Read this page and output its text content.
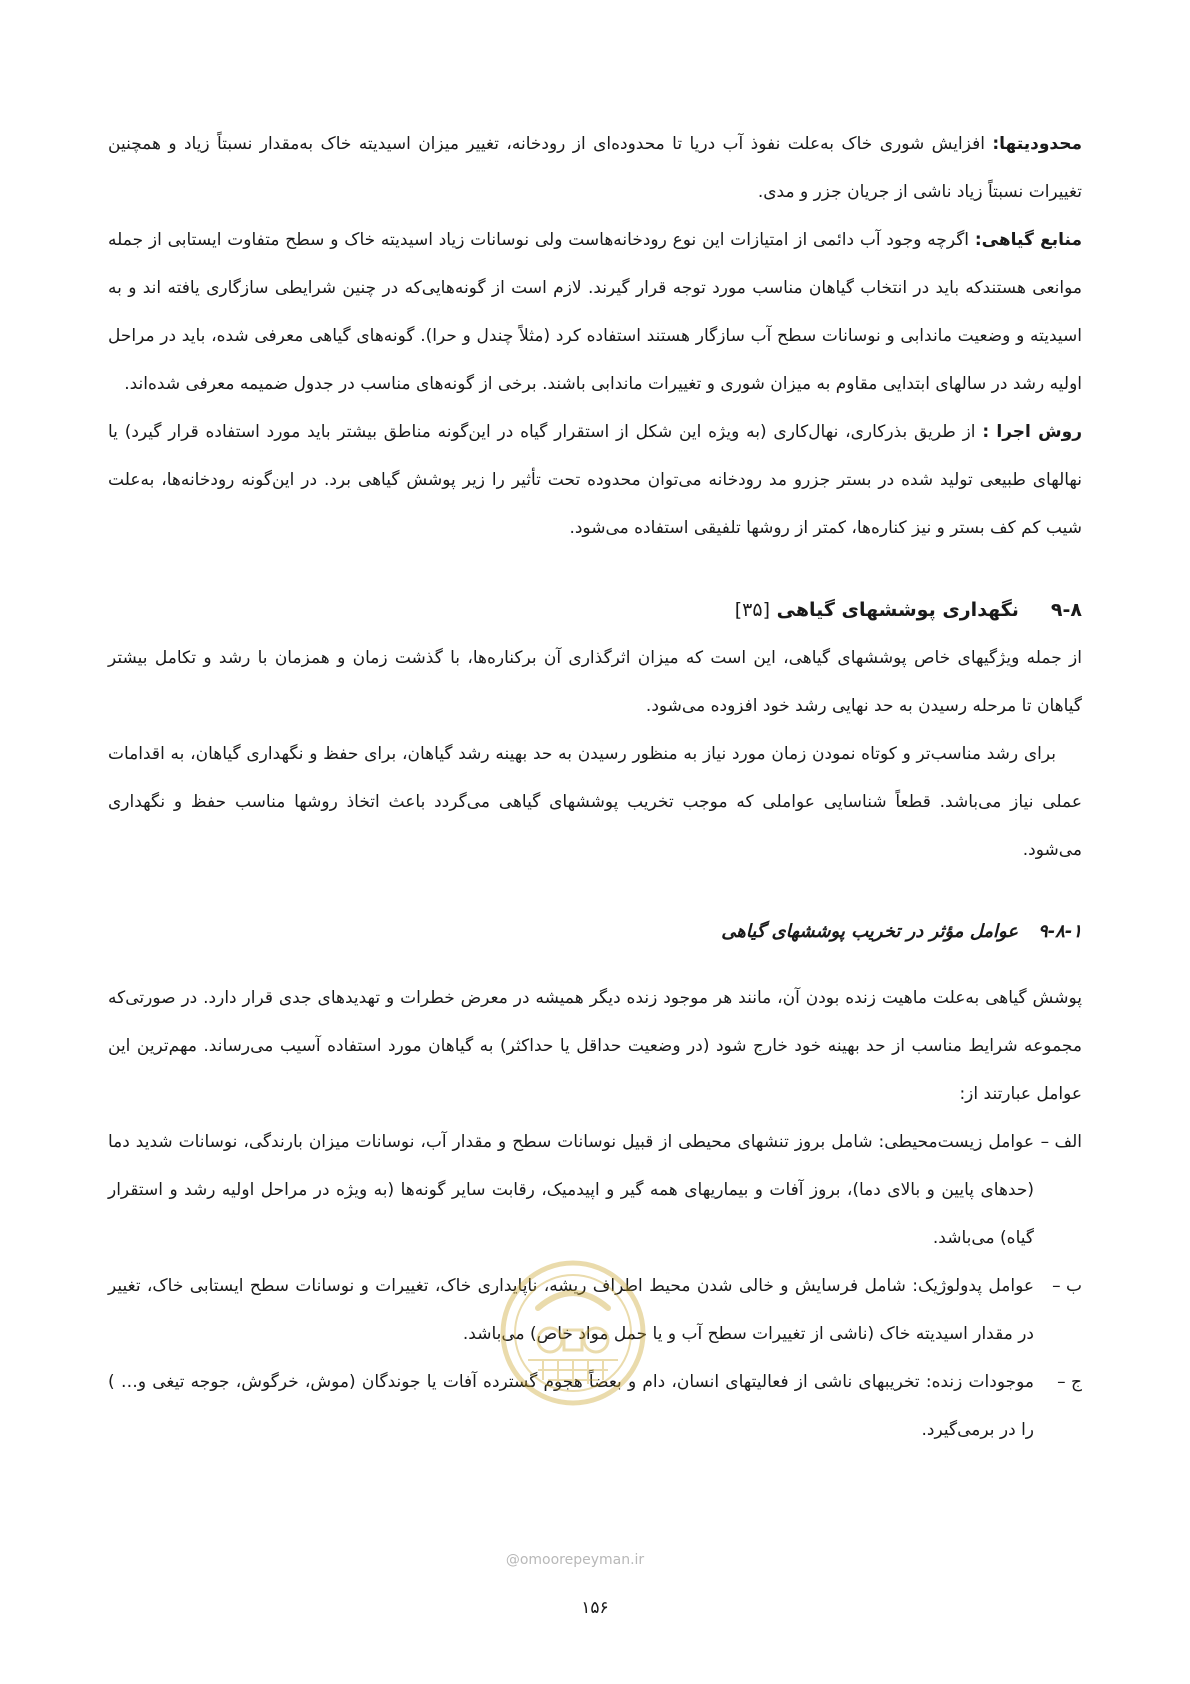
محدودیتها: افزایش شوری خاک به‌علت نفوذ آب دریا تا محدوده‌ای از رودخانه، تغییر میزان اسیدیته خاک به‌مقدار نسبتاً زیاد و همچنین تغییرات نسبتاً زیاد ناشی از جریان جزر و مدی.

منابع گیاهی: اگرچه وجود آب دائمی از امتیازات این نوع رودخانه‌هاست ولی نوسانات زیاد اسیدیته خاک و سطح متفاوت ایستابی از جمله موانعی هستندکه باید در انتخاب گیاهان مناسب مورد توجه قرار گیرند. لازم است از گونه‌هایی‌که در چنین شرایطی سازگاری یافته اند و به اسیدیته و وضعیت ماندابی و نوسانات سطح آب سازگار هستند استفاده کرد (مثلاً چندل و حرا). گونه‌های گیاهی معرفی شده، باید در مراحل اولیه رشد در سالهای ابتدایی مقاوم به میزان شوری و تغییرات ماندابی باشند. برخی از گونه‌های مناسب در جدول ضمیمه معرفی شده‌اند.

روش اجرا : از طریق بذرکاری، نهال‌کاری (به ویژه این شکل از استقرار گیاه در این‌گونه مناطق بیشتر باید مورد استفاده قرار گیرد) یا نهالهای طبیعی تولید شده در بستر جزرو مد رودخانه می‌توان محدوده تحت تأثیر را زیر پوشش گیاهی برد. در این‌گونه رودخانه‌ها، به‌علت شیب کم کف بستر و نیز کناره‌ها، کمتر از روشها تلفیقی استفاده می‌شود.

۹-۸نگهداری پوششهای گیاهی [۳۵]

از جمله ویژگیهای خاص پوششهای گیاهی، این است که میزان اثرگذاری آن برکناره‌ها، با گذشت زمان و همزمان با رشد و تکامل بیشتر گیاهان تا مرحله رسیدن به حد نهایی رشد خود افزوده می‌شود.

برای رشد مناسب‌تر و کوتاه نمودن زمان مورد نیاز به منظور رسیدن به حد بهینه رشد گیاهان، برای حفظ و نگهداری گیاهان، به اقدامات عملی نیاز می‌باشد. قطعاً شناسایی عواملی که موجب تخریب پوششهای گیاهی می‌گردد باعث اتخاذ روشها مناسب حفظ و نگهداری می‌شود.

۹-۸-۱عوامل مؤثر در تخریب پوششهای گیاهی

پوشش گیاهی به‌علت ماهیت زنده بودن آن، مانند هر موجود زنده دیگر همیشه در معرض خطرات و تهدیدهای جدی قرار دارد. در صورتی‌که مجموعه شرایط مناسب از حد بهینه خود خارج شود (در وضعیت حداقل یا حداکثر) به گیاهان مورد استفاده آسیب می‌رساند. مهم‌ترین این عوامل عبارتند از:

الف –

عوامل زیست‌محیطی: شامل بروز تنشهای محیطی از قبیل نوسانات سطح و مقدار آب، نوسانات میزان بارندگی، نوسانات شدید دما (حدهای پایین و بالای دما)، بروز آفات و بیماریهای همه گیر و اپیدمیک، رقابت سایر گونه‌ها (به ویژه در مراحل اولیه رشد و استقرار گیاه) می‌باشد.

ب –

عوامل پدولوژیک: شامل فرسایش و خالی شدن محیط اطراف ریشه، ناپایداری خاک، تغییرات و نوسانات سطح ایستابی خاک، تغییر در مقدار اسیدیته خاک (ناشی از تغییرات سطح آب و یا حمل مواد خاص) می‌باشد.

ج –

موجودات زنده: تخریبهای ناشی از فعالیتهای انسان، دام و بعضاً هجوم گسترده آفات یا جوندگان (موش، خرگوش، جوجه تیغی و… ) را در برمی‌گیرد.

@omoorepeyman.ir
۱۵۶
